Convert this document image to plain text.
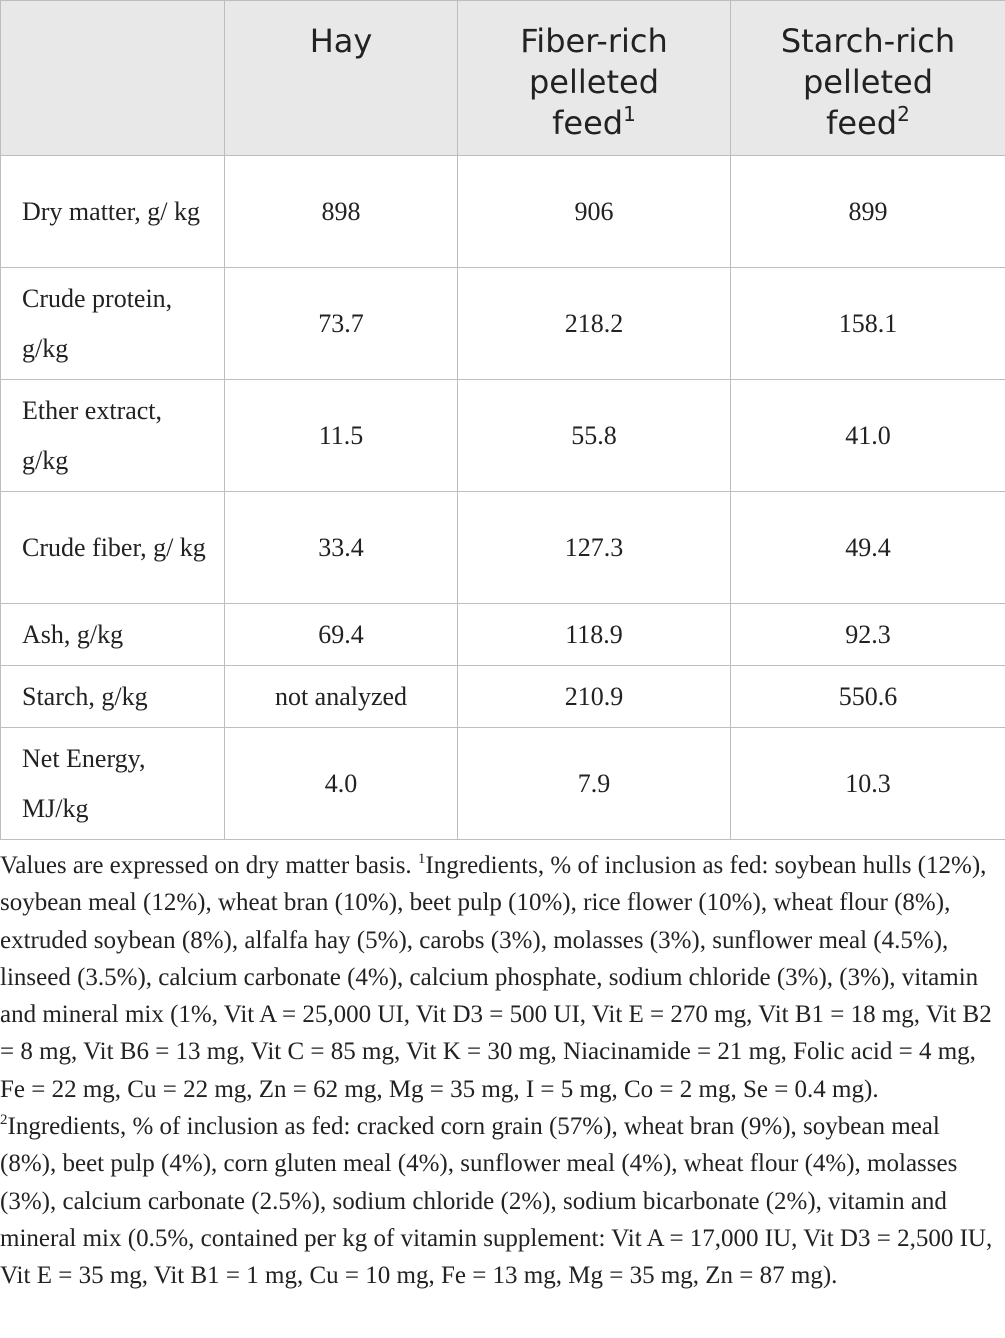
	Hay	Fiber-rich pelleted feed$^1$	Starch-rich pelleted feed$^2$
Dry matter, g/ kg	898	906	899
Crude protein, g/kg	73.7	218.2	158.1
Ether extract, g/kg	11.5	55.8	41.0
Crude fiber, g/ kg	33.4	127.3	49.4
Ash, g/kg	69.4	118.9	92.3
Starch, g/kg	not analyzed	210.9	550.6
Net Energy, MJ/kg	4.0	7.9	10.3

Values are expressed on dry matter basis. $^1$Ingredients, % of inclusion as fed: soybean hulls (12%), soybean meal (12%), wheat bran (10%), beet pulp (10%), rice flower (10%), wheat flour (8%), extruded soybean (8%), alfalfa hay (5%), carobs (3%), molasses (3%), sunflower meal (4.5%), linseed (3.5%), calcium carbonate (4%), calcium phosphate, sodium chloride (3%), (3%), vitamin and mineral mix (1%, Vit A = 25,000 UI, Vit D3 = 500 UI, Vit E = 270 mg, Vit B1 = 18 mg, Vit B2 = 8 mg, Vit B6 = 13 mg, Vit C = 85 mg, Vit K = 30 mg, Niacinamide = 21 mg, Folic acid = 4 mg, Fe = 22 mg, Cu = 22 mg, Zn = 62 mg, Mg = 35 mg, I = 5 mg, Co = 2 mg, Se = 0.4 mg). $^2$Ingredients, % of inclusion as fed: cracked corn grain (57%), wheat bran (9%), soybean meal (8%), beet pulp (4%), corn gluten meal (4%), sunflower meal (4%), wheat flour (4%), molasses (3%), calcium carbonate (2.5%), sodium chloride (2%), sodium bicarbonate (2%), vitamin and mineral mix (0.5%, contained per kg of vitamin supplement: Vit A = 17,000 IU, Vit D3 = 2,500 IU, Vit E = 35 mg, Vit B1 = 1 mg, Cu = 10 mg, Fe = 13 mg, Mg = 35 mg, Zn = 87 mg).
